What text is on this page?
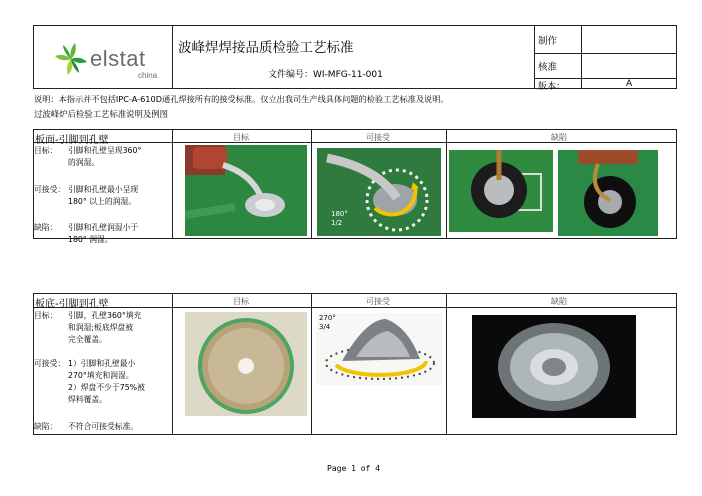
elstat
china
波峰焊焊接品质检验工艺标准
文件编号：WI-MFG-11-001
制作
核准
版本：	A
说明：本指示并不包括IPC-A-610D通孔焊接所有的接受标准。仅立出我司生产线具体问题的检验工艺标准及说明。
过波峰炉后检验工艺标准说明及例图
板面-引脚到孔壁	目标	可接受	缺陷
目标： 引脚和孔壁呈现360°
的润湿。
可接受： 引脚和孔壁最小呈现
180° 以上的润湿。
缺陷： 引脚和孔壁润湿小于
180° 润湿。
180°
1/2
板底-引脚到孔壁	目标	可接受	缺陷
目标： 引脚，孔壁360°填充
和润湿;板底焊盘被
完全覆盖。
可接受： 1）引脚和孔壁最小
270°填充和润湿。
2）焊盘不少于75%被
焊料覆盖。
缺陷： 不符合可接受标准。
270°
3/4
Page 1 of 4
